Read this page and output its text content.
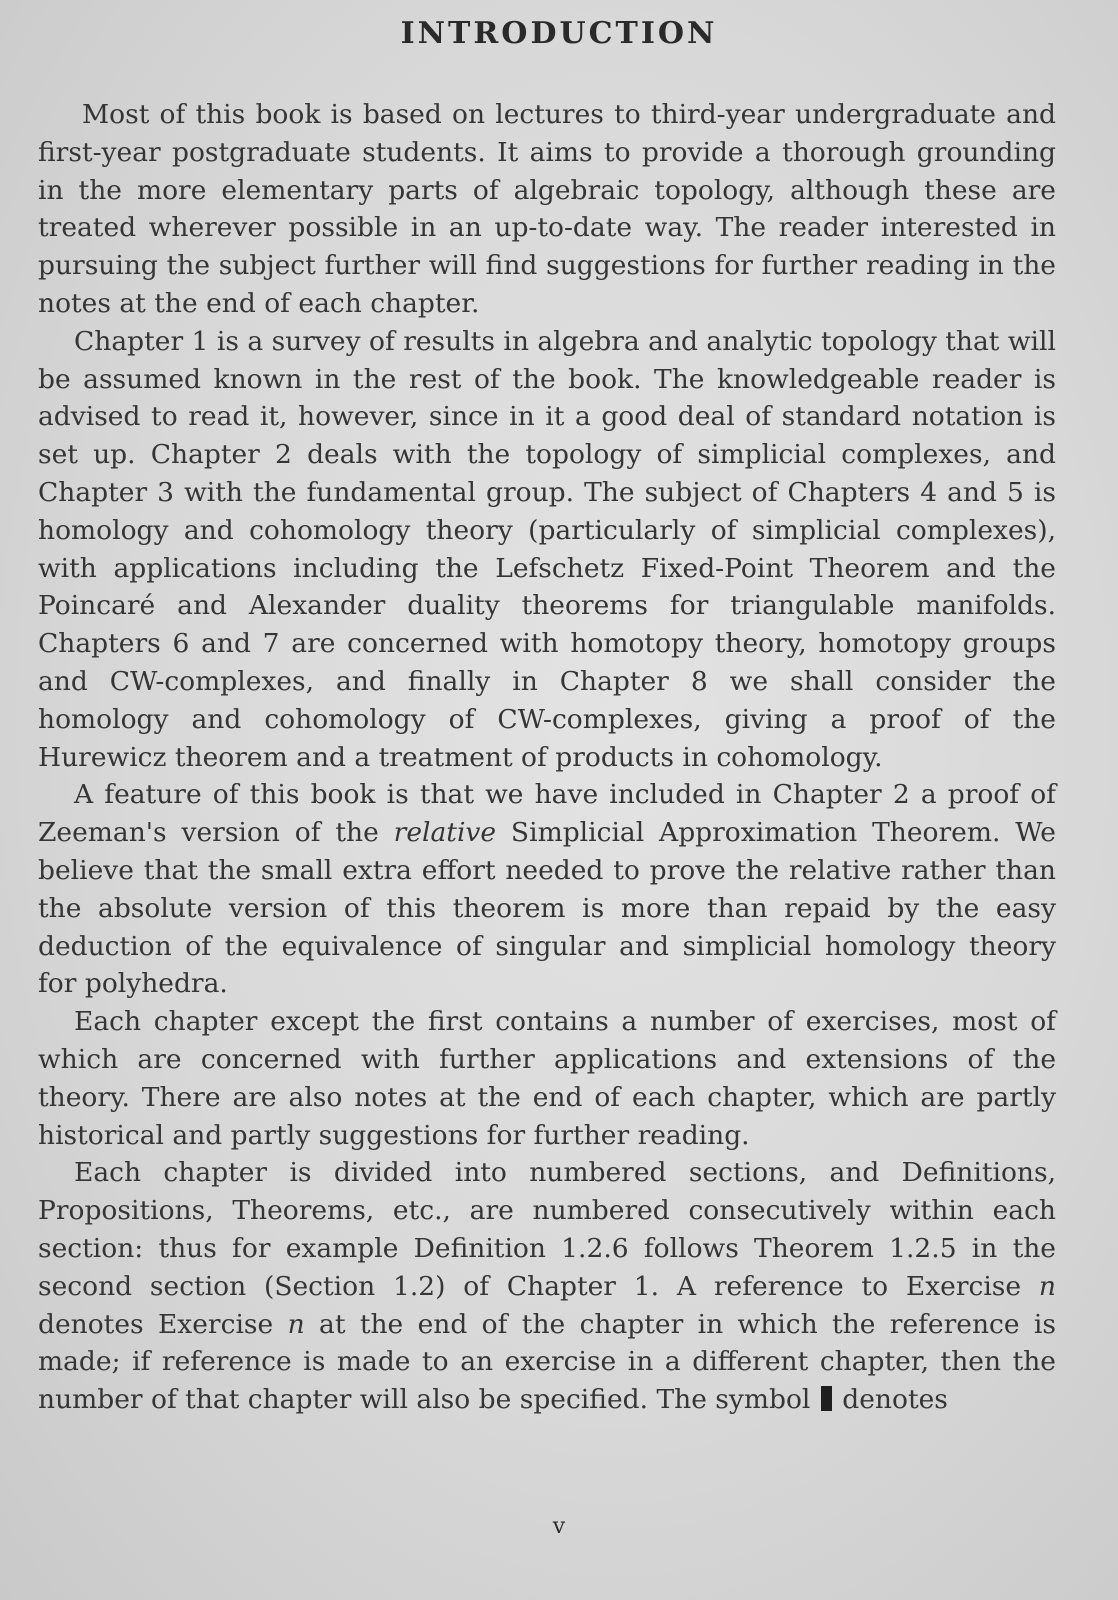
INTRODUCTION

Most of this book is based on lectures to third-year undergraduate and first-year postgraduate students. It aims to provide a thorough grounding in the more elementary parts of algebraic topology, although these are treated wherever possible in an up-to-date way. The reader interested in pursuing the subject further will find suggestions for further reading in the notes at the end of each chapter.

Chapter 1 is a survey of results in algebra and analytic topology that will be assumed known in the rest of the book. The knowledgeable reader is advised to read it, however, since in it a good deal of standard notation is set up. Chapter 2 deals with the topology of simplicial complexes, and Chapter 3 with the fundamental group. The subject of Chapters 4 and 5 is homology and cohomology theory (particularly of simplicial complexes), with applications including the Lefschetz Fixed-Point Theorem and the Poincaré and Alexander duality theorems for triangulable manifolds. Chapters 6 and 7 are concerned with homotopy theory, homotopy groups and CW-complexes, and finally in Chapter 8 we shall consider the homology and cohomology of CW-complexes, giving a proof of the Hurewicz theorem and a treatment of products in cohomology.

A feature of this book is that we have included in Chapter 2 a proof of Zeeman's version of the relative Simplicial Approximation Theorem. We believe that the small extra effort needed to prove the relative rather than the absolute version of this theorem is more than repaid by the easy deduction of the equivalence of singular and simplicial homology theory for polyhedra.

Each chapter except the first contains a number of exercises, most of which are concerned with further applications and extensions of the theory. There are also notes at the end of each chapter, which are partly historical and partly suggestions for further reading.

Each chapter is divided into numbered sections, and Definitions, Propositions, Theorems, etc., are numbered consecutively within each section: thus for example Definition 1.2.6 follows Theorem 1.2.5 in the second section (Section 1.2) of Chapter 1. A reference to Exercise n denotes Exercise n at the end of the chapter in which the reference is made; if reference is made to an exercise in a different chapter, then the number of that chapter will also be specified. The symbol denotes

v
